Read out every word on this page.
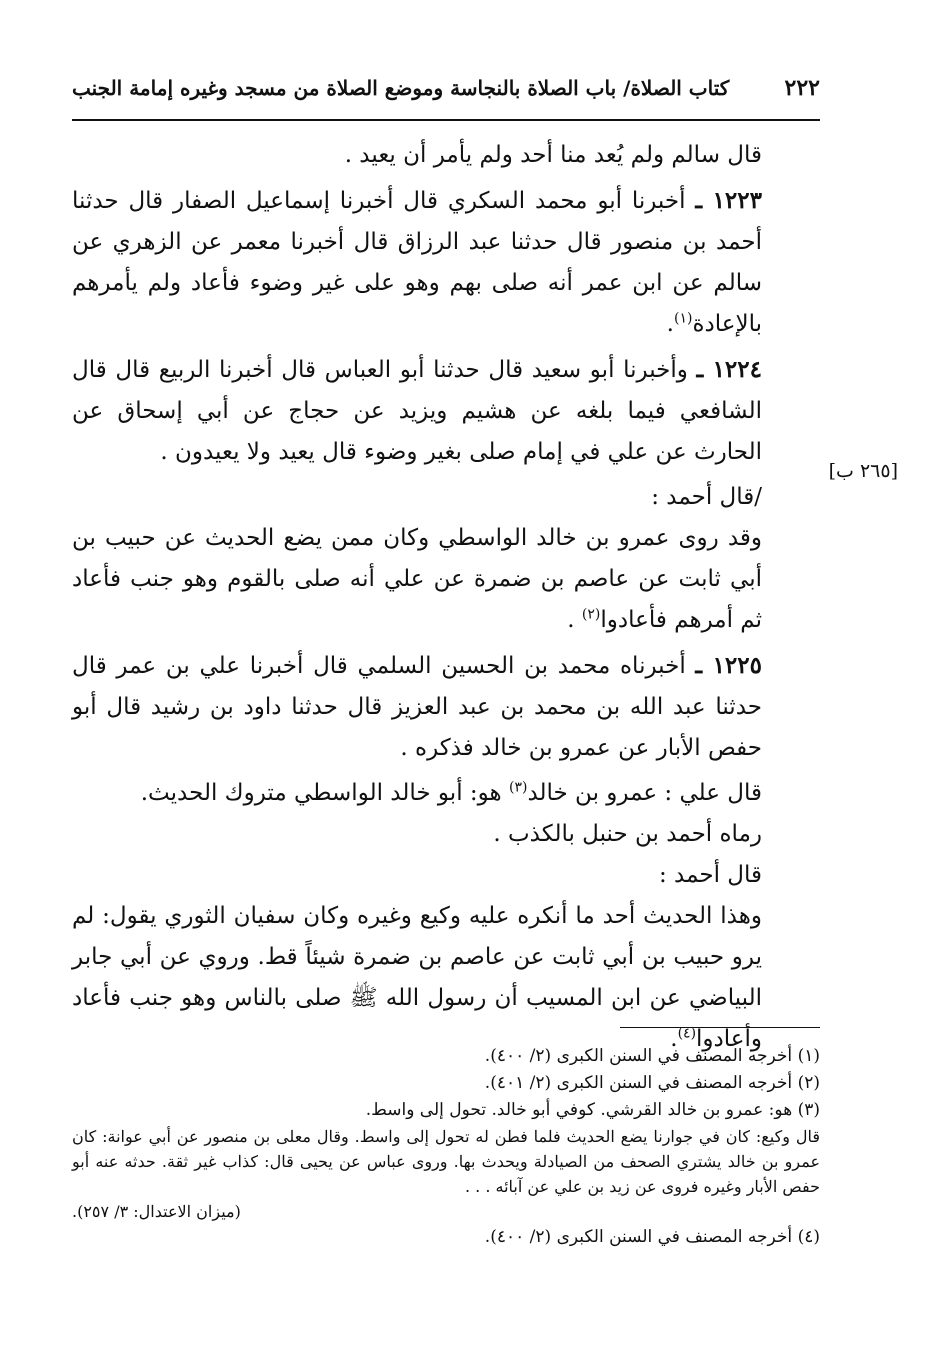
٢٢٢
كتاب الصلاة/ باب الصلاة بالنجاسة وموضع الصلاة من مسجد وغيره إمامة الجنب
[٢٦٥ ب]

قال سالم ولم يُعد منا أحد ولم يأمر أن يعيد .

١٢٢٣ ـ أخبرنا أبو محمد السكري قال أخبرنا إسماعيل الصفار قال حدثنا أحمد بن منصور قال حدثنا عبد الرزاق قال أخبرنا معمر عن الزهري عن سالم عن ابن عمر أنه صلى بهم وهو على غير وضوء فأعاد ولم يأمرهم بالإعادة$^{(١)}$.

١٢٢٤ ـ وأخبرنا أبو سعيد قال حدثنا أبو العباس قال أخبرنا الربيع قال قال الشافعي فيما بلغه عن هشيم ويزيد عن حجاج عن أبي إسحاق عن الحارث عن علي في إمام صلى بغير وضوء قال يعيد ولا يعيدون .

/قال أحمد :

وقد روى عمرو بن خالد الواسطي وكان ممن يضع الحديث عن حبيب بن أبي ثابت عن عاصم بن ضمرة عن علي أنه صلى بالقوم وهو جنب فأعاد ثم أمرهم فأعادوا$^{(٢)}$ .

١٢٢٥ ـ أخبرناه محمد بن الحسين السلمي قال أخبرنا علي بن عمر قال حدثنا عبد الله بن محمد بن عبد العزيز قال حدثنا داود بن رشيد قال أبو حفص الأبار عن عمرو بن خالد فذكره .

قال علي : عمرو بن خالد$^{(٣)}$ هو: أبو خالد الواسطي متروك الحديث.

رماه أحمد بن حنبل بالكذب .

قال أحمد :

وهذا الحديث أحد ما أنكره عليه وكيع وغيره وكان سفيان الثوري يقول: لم يرو حبيب بن أبي ثابت عن عاصم بن ضمرة شيئاً قط. وروي عن أبي جابر البياضي عن ابن المسيب أن رسول الله ﷺ صلى بالناس وهو جنب فأعاد وأعادوا$^{(٤)}$.

(١) أخرجه المصنف في السنن الكبرى (٢/ ٤٠٠).

(٢) أخرجه المصنف في السنن الكبرى (٢/ ٤٠١).

(٣) هو: عمرو بن خالد القرشي. كوفي أبو خالد. تحول إلى واسط.

قال وكيع: كان في جوارنا يضع الحديث فلما فطن له تحول إلى واسط. وقال معلى بن منصور عن أبي عوانة: كان عمرو بن خالد يشتري الصحف من الصيادلة ويحدث بها. وروى عباس عن يحيى قال: كذاب غير ثقة. حدثه عنه أبو حفص الأبار وغيره فروى عن زيد بن علي عن آبائه . . .

(ميزان الاعتدال: ٣/ ٢٥٧).

(٤) أخرجه المصنف في السنن الكبرى (٢/ ٤٠٠).
